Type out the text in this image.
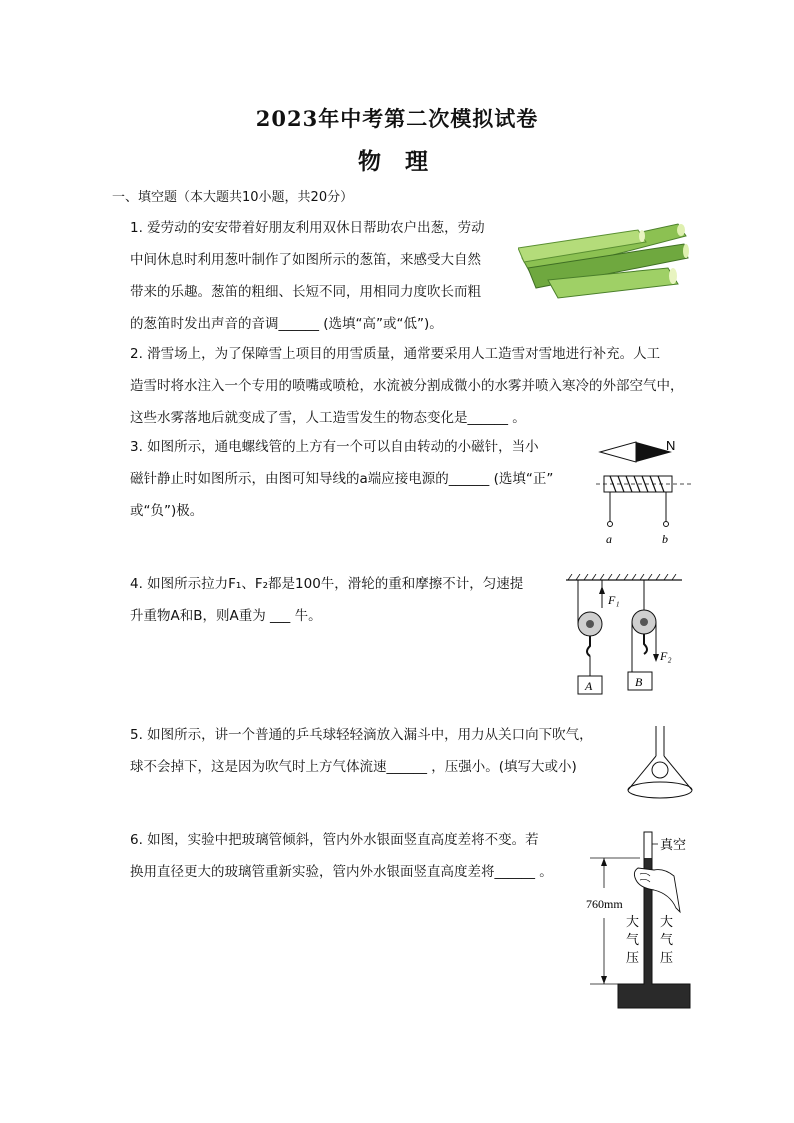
2023年中考第二次模拟试卷
物 理
一、填空题（本大题共10小题，共20分）
1. 爱劳动的安安带着好朋友利用双休日帮助农户出葱，劳动
中间休息时利用葱叶制作了如图所示的葱笛，来感受大自然
带来的乐趣。葱笛的粗细、长短不同，用相同力度吹长而粗
的葱笛时发出声音的音调______ (选填“高”或“低”)。
2. 滑雪场上，为了保障雪上项目的用雪质量，通常要采用人工造雪对雪地进行补充。人工
造雪时将水注入一个专用的喷嘴或喷枪，水流被分割成微小的水雾并喷入寒冷的外部空气中，
这些水雾落地后就变成了雪，人工造雪发生的物态变化是______ 。
3. 如图所示，通电螺线管的上方有一个可以自由转动的小磁针，当小
磁针静止时如图所示，由图可知导线的a端应接电源的______ (选填“正”
或“负”)极。
N
a	b
4. 如图所示拉力F₁、F₂都是100牛，滑轮的重和摩擦不计，匀速提
升重物A和B，则A重为 ___ 牛。
A	B
F₁
F₂
5. 如图所示，讲一个普通的乒乓球轻轻滴放入漏斗中，用力从关口向下吹气，
球不会掉下，这是因为吹气时上方气体流速______ ，压强小。(填写大或小)
6. 如图，实验中把玻璃管倾斜，管内外水银面竖直高度差将不变。若
换用直径更大的玻璃管重新实验，管内外水银面竖直高度差将______ 。
760mm
真空
大 气 压
大 气 压
